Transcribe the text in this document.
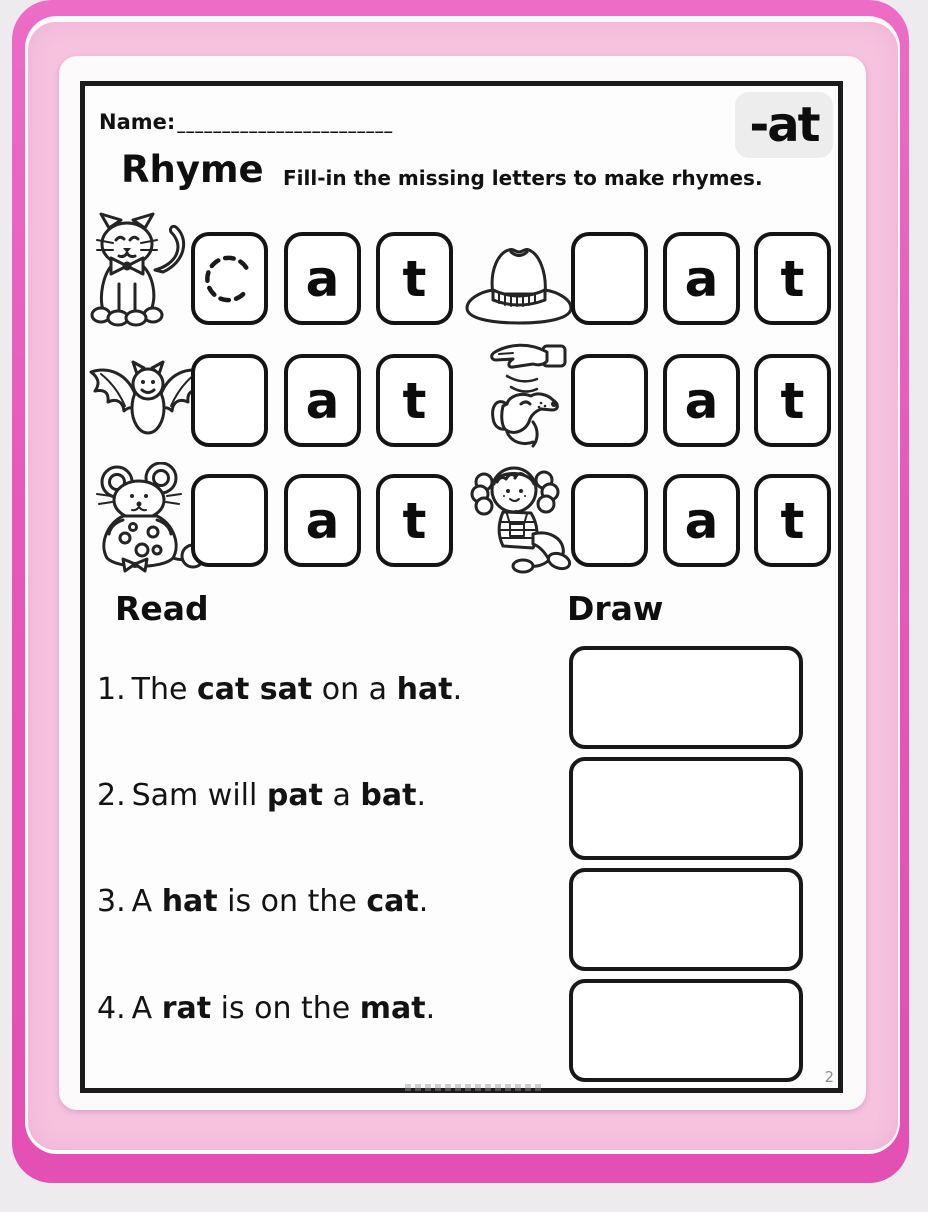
Name: ________________________	-at
Rhyme Fill-in the missing letters to make rhymes.
a t	a t
a t	a t
a t	a t
Read	Draw
1. The cat sat on a hat.
2. Sam will pat a bat.
3. A hat is on the cat.
4. A rat is on the mat.
2
